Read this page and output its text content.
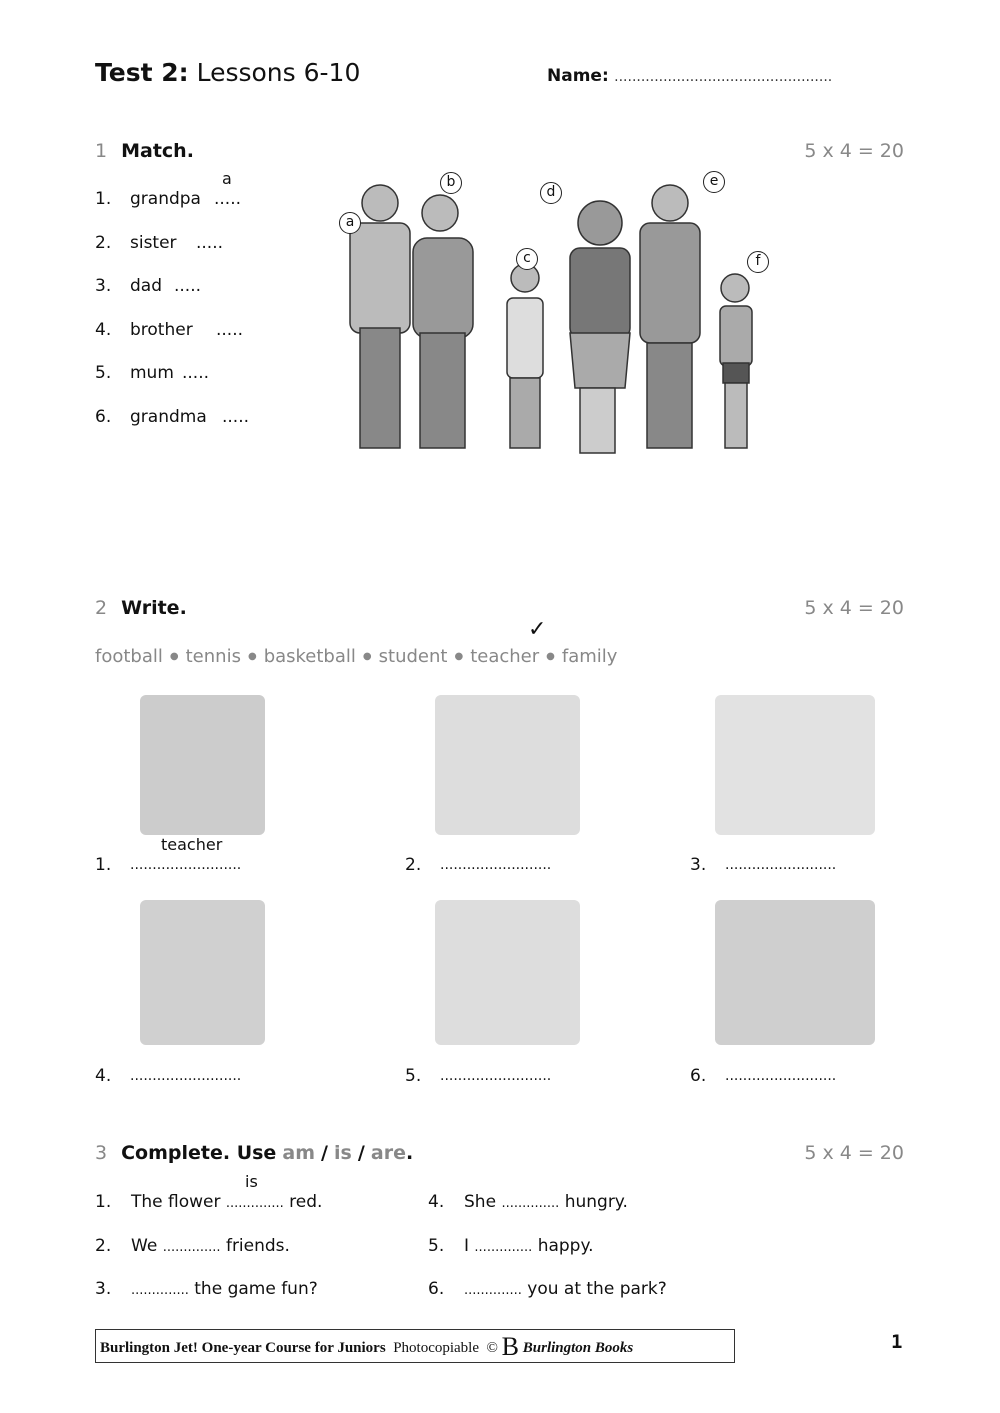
Test 2: Lessons 6-10	Name: .................................................
1 Match.	5 x 4 = 20
2 Write.	5 x 4 = 20
✓
football ● tennis ● basketball ● student ● teacher ● family
3 Complete. Use am / is / are.	5 x 4 = 20
Burlington Jet! One-year Course for Juniors Photocopiable © B Burlington Books	1
1. grandpa .....
a
2. sister .....
3. dad .....
4. brother .....
5. mum .....
6. grandma .....
a
b
c
d
e
f
1. .........................
teacher
2. .........................	3. .........................
4. .........................	5. .........................	6. .........................
1. The flower .............. red.
is
2. We .............. friends.
3. .............. the game fun?
4. She .............. hungry.
5. I .............. happy.
6. .............. you at the park?
